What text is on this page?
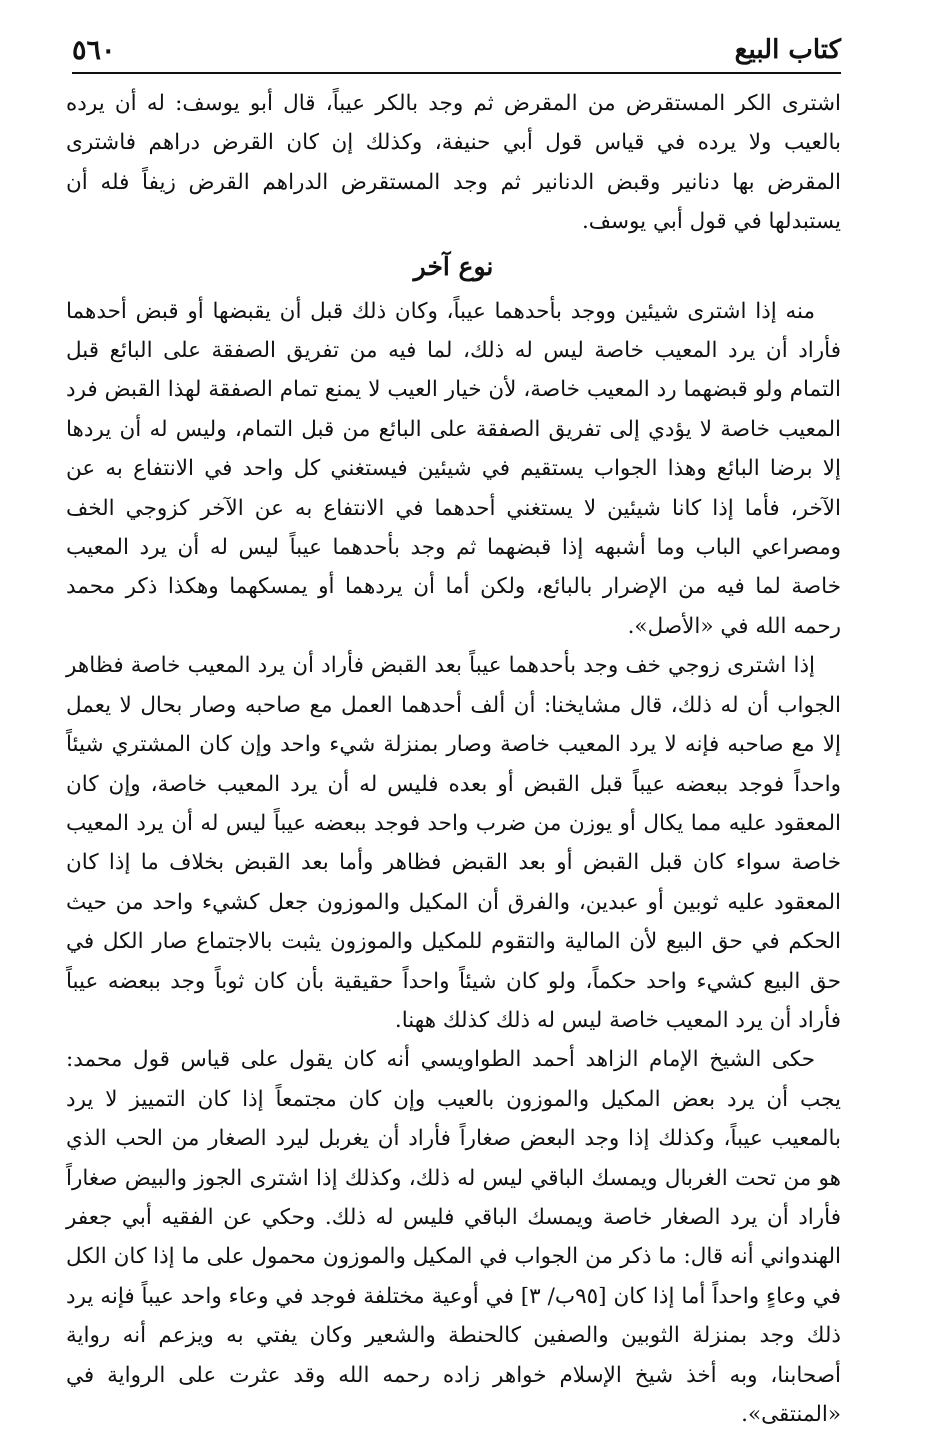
٥٦٠	كتاب البيع

اشترى الكر المستقرض من المقرض ثم وجد بالكر عيباً، قال أبو يوسف: له أن يرده بالعيب ولا يرده في قياس قول أبي حنيفة، وكذلك إن كان القرض دراهم فاشترى المقرض بها دنانير وقبض الدنانير ثم وجد المستقرض الدراهم القرض زيفاً فله أن يستبدلها في قول أبي يوسف.

نوع آخر

منه إذا اشترى شيئين ووجد بأحدهما عيباً، وكان ذلك قبل أن يقبضها أو قبض أحدهما فأراد أن يرد المعيب خاصة ليس له ذلك، لما فيه من تفريق الصفقة على البائع قبل التمام ولو قبضهما رد المعيب خاصة، لأن خيار العيب لا يمنع تمام الصفقة لهذا القبض فرد المعيب خاصة لا يؤدي إلى تفريق الصفقة على البائع من قبل التمام، وليس له أن يردها إلا برضا البائع وهذا الجواب يستقيم في شيئين فيستغني كل واحد في الانتفاع به عن الآخر، فأما إذا كانا شيئين لا يستغني أحدهما في الانتفاع به عن الآخر كزوجي الخف ومصراعي الباب وما أشبهه إذا قبضهما ثم وجد بأحدهما عيباً ليس له أن يرد المعيب خاصة لما فيه من الإضرار بالبائع، ولكن أما أن يردهما أو يمسكهما وهكذا ذكر محمد رحمه الله في «الأصل».

إذا اشترى زوجي خف وجد بأحدهما عيباً بعد القبض فأراد أن يرد المعيب خاصة فظاهر الجواب أن له ذلك، قال مشايخنا: أن ألف أحدهما العمل مع صاحبه وصار بحال لا يعمل إلا مع صاحبه فإنه لا يرد المعيب خاصة وصار بمنزلة شيء واحد وإن كان المشتري شيئاً واحداً فوجد ببعضه عيباً قبل القبض أو بعده فليس له أن يرد المعيب خاصة، وإن كان المعقود عليه مما يكال أو يوزن من ضرب واحد فوجد ببعضه عيباً ليس له أن يرد المعيب خاصة سواء كان قبل القبض أو بعد القبض فظاهر وأما بعد القبض بخلاف ما إذا كان المعقود عليه ثوبين أو عبدين، والفرق أن المكيل والموزون جعل كشيء واحد من حيث الحكم في حق البيع لأن المالية والتقوم للمكيل والموزون يثبت بالاجتماع صار الكل في حق البيع كشيء واحد حكماً، ولو كان شيئاً واحداً حقيقية بأن كان ثوباً وجد ببعضه عيباً فأراد أن يرد المعيب خاصة ليس له ذلك كذلك ههنا.

حكى الشيخ الإمام الزاهد أحمد الطواويسي أنه كان يقول على قياس قول محمد: يجب أن يرد بعض المكيل والموزون بالعيب وإن كان مجتمعاً إذا كان التمييز لا يرد بالمعيب عيباً، وكذلك إذا وجد البعض صغاراً فأراد أن يغربل ليرد الصغار من الحب الذي هو من تحت الغربال ويمسك الباقي ليس له ذلك، وكذلك إذا اشترى الجوز والبيض صغاراً فأراد أن يرد الصغار خاصة ويمسك الباقي فليس له ذلك. وحكي عن الفقيه أبي جعفر الهندواني أنه قال: ما ذكر من الجواب في المكيل والموزون محمول على ما إذا كان الكل في وعاءٍ واحداً أما إذا كان [٩٥ب/ ٣] في أوعية مختلفة فوجد في وعاء واحد عيباً فإنه يرد ذلك وجد بمنزلة الثوبين والصفين كالحنطة والشعير وكان يفتي به ويزعم أنه رواية أصحابنا، وبه أخذ شيخ الإسلام خواهر زاده رحمه الله وقد عثرت على الرواية في «المنتقى».
